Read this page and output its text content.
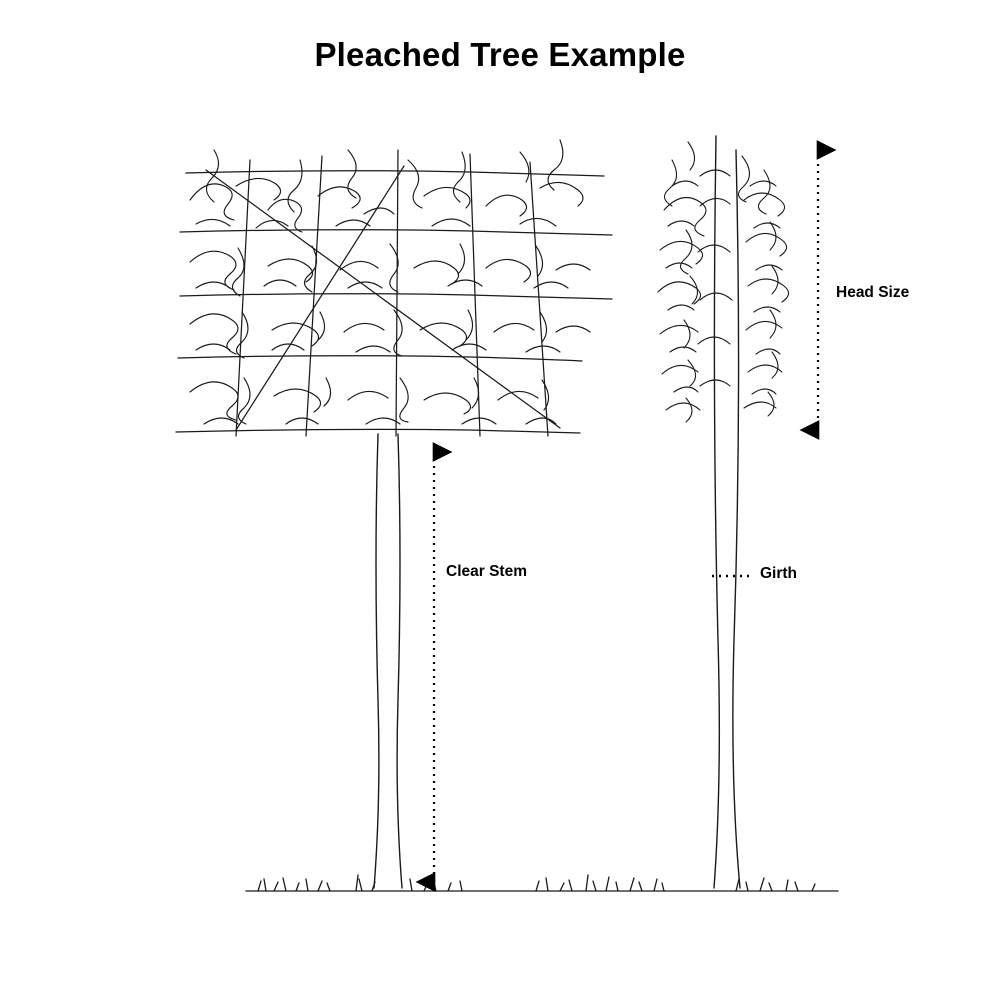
Pleached Tree Example
Head Size
Clear Stem	Girth
